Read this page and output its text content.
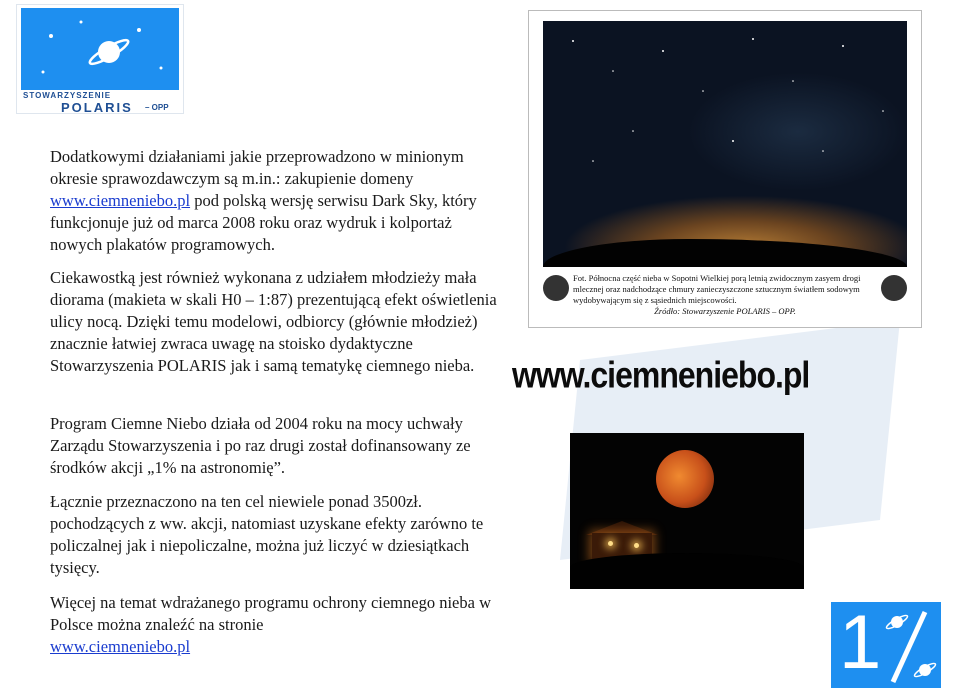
STOWARZYSZENIE
POLARIS – OPP

Dodatkowymi działaniami jakie przeprowadzono w minionym okresie sprawozdawczym są m.in.: zakupienie domeny www.ciemneniebo.pl pod polską wersję serwisu Dark Sky, który funkcjonuje już od marca 2008 roku oraz wydruk i kolportaż nowych plakatów programowych.

Ciekawostką jest również wykonana z udziałem młodzieży mała diorama (makieta w skali H0 – 1:87) prezentującą efekt oświetlenia ulicy nocą. Dzięki temu modelowi, odbiorcy (głównie młodzież) znacznie łatwiej zwraca uwagę na stoisko dydaktyczne Stowarzyszenia POLARIS jak i samą tematykę ciemnego nieba.

Program Ciemne Niebo działa od 2004 roku na mocy uchwały Zarządu Stowarzyszenia i po raz drugi został dofinansowany ze środków akcji „1% na astronomię”.

Łącznie przeznaczono na ten cel niewiele ponad 3500zł. pochodzących z ww. akcji, natomiast uzyskane efekty zarówno te policzalnej jak i niepoliczalne, można już liczyć w dziesiątkach tysięcy.

Więcej na temat wdrażanego programu ochrony ciemnego nieba w Polsce można znaleźć na stronie
www.ciemneniebo.pl

Fot. Północna część nieba w Sopotni Wielkiej porą letnią zwidocznym zasyem drogi mlecznej oraz nadchodzące chmury zanieczyszczone sztucznym światłem sodowym wydobywającym się z sąsiednich miejscowości.
Źródło: Stowarzyszenie POLARIS – OPP.
www.ciemneniebo.pl
1
